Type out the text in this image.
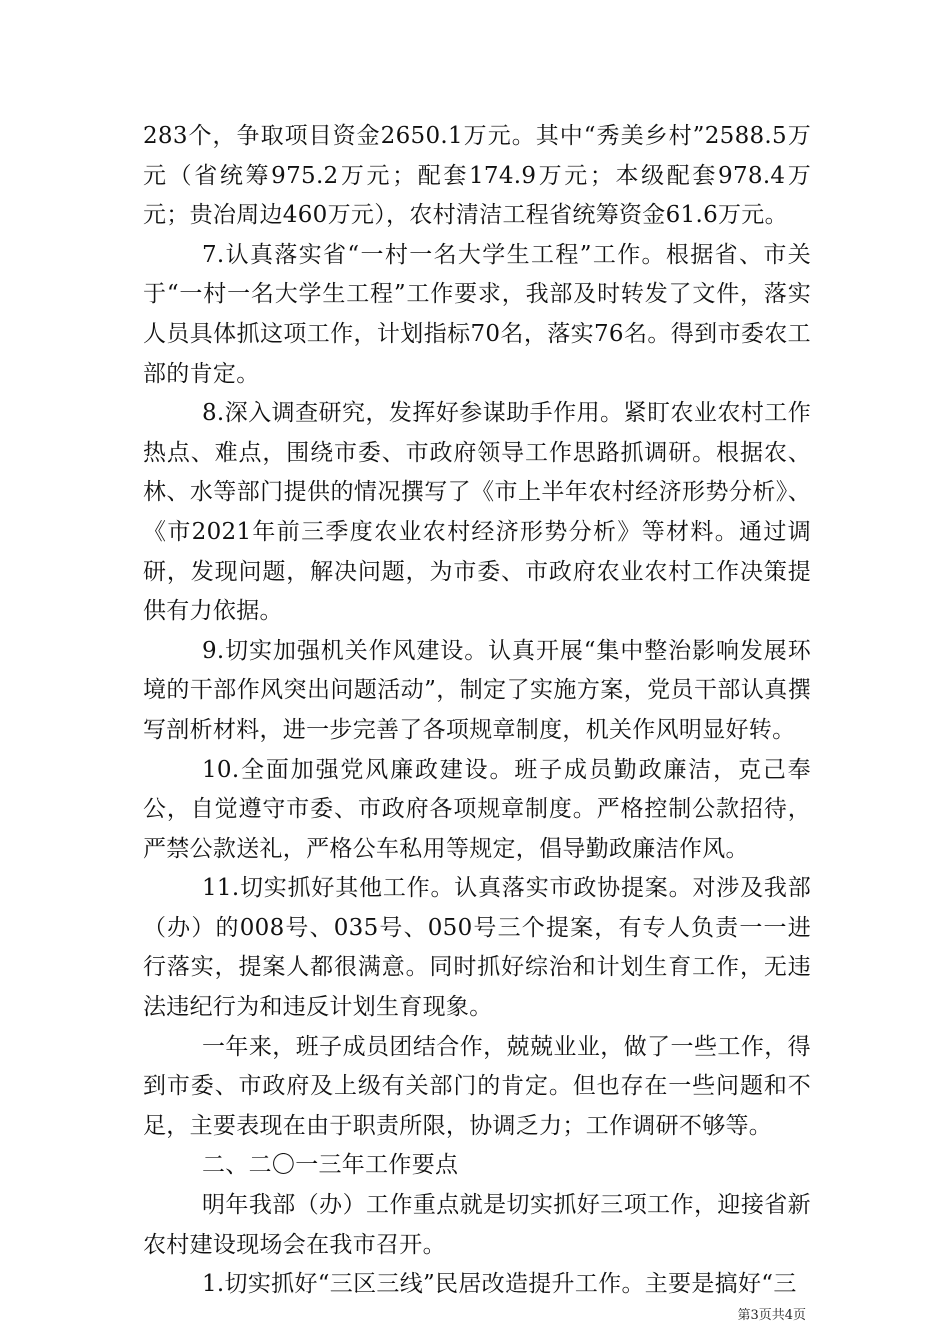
283个，争取项目资金2650.1万元。其中“秀美乡村”2588.5万元（省统筹975.2万元；配套174.9万元；本级配套978.4万元；贵冶周边460万元），农村清洁工程省统筹资金61.6万元。

7.认真落实省“一村一名大学生工程”工作。根据省、市关于“一村一名大学生工程”工作要求，我部及时转发了文件，落实人员具体抓这项工作，计划指标70名，落实76名。得到市委农工部的肯定。

8.深入调查研究，发挥好参谋助手作用。紧盯农业农村工作热点、难点，围绕市委、市政府领导工作思路抓调研。根据农、林、水等部门提供的情况撰写了《市上半年农村经济形势分析》、《市2021年前三季度农业农村经济形势分析》等材料。通过调研，发现问题，解决问题，为市委、市政府农业农村工作决策提供有力依据。

9.切实加强机关作风建设。认真开展“集中整治影响发展环境的干部作风突出问题活动”，制定了实施方案，党员干部认真撰写剖析材料，进一步完善了各项规章制度，机关作风明显好转。

10.全面加强党风廉政建设。班子成员勤政廉洁，克己奉公，自觉遵守市委、市政府各项规章制度。严格控制公款招待，严禁公款送礼，严格公车私用等规定，倡导勤政廉洁作风。

11.切实抓好其他工作。认真落实市政协提案。对涉及我部（办）的008号、035号、050号三个提案，有专人负责一一进行落实，提案人都很满意。同时抓好综治和计划生育工作，无违法违纪行为和违反计划生育现象。

一年来，班子成员团结合作，兢兢业业，做了一些工作，得到市委、市政府及上级有关部门的肯定。但也存在一些问题和不足，主要表现在由于职责所限，协调乏力；工作调研不够等。

二、二〇一三年工作要点

明年我部（办）工作重点就是切实抓好三项工作，迎接省新农村建设现场会在我市召开。

1.切实抓好“三区三线”民居改造提升工作。主要是搞好“三

第3页共4页
